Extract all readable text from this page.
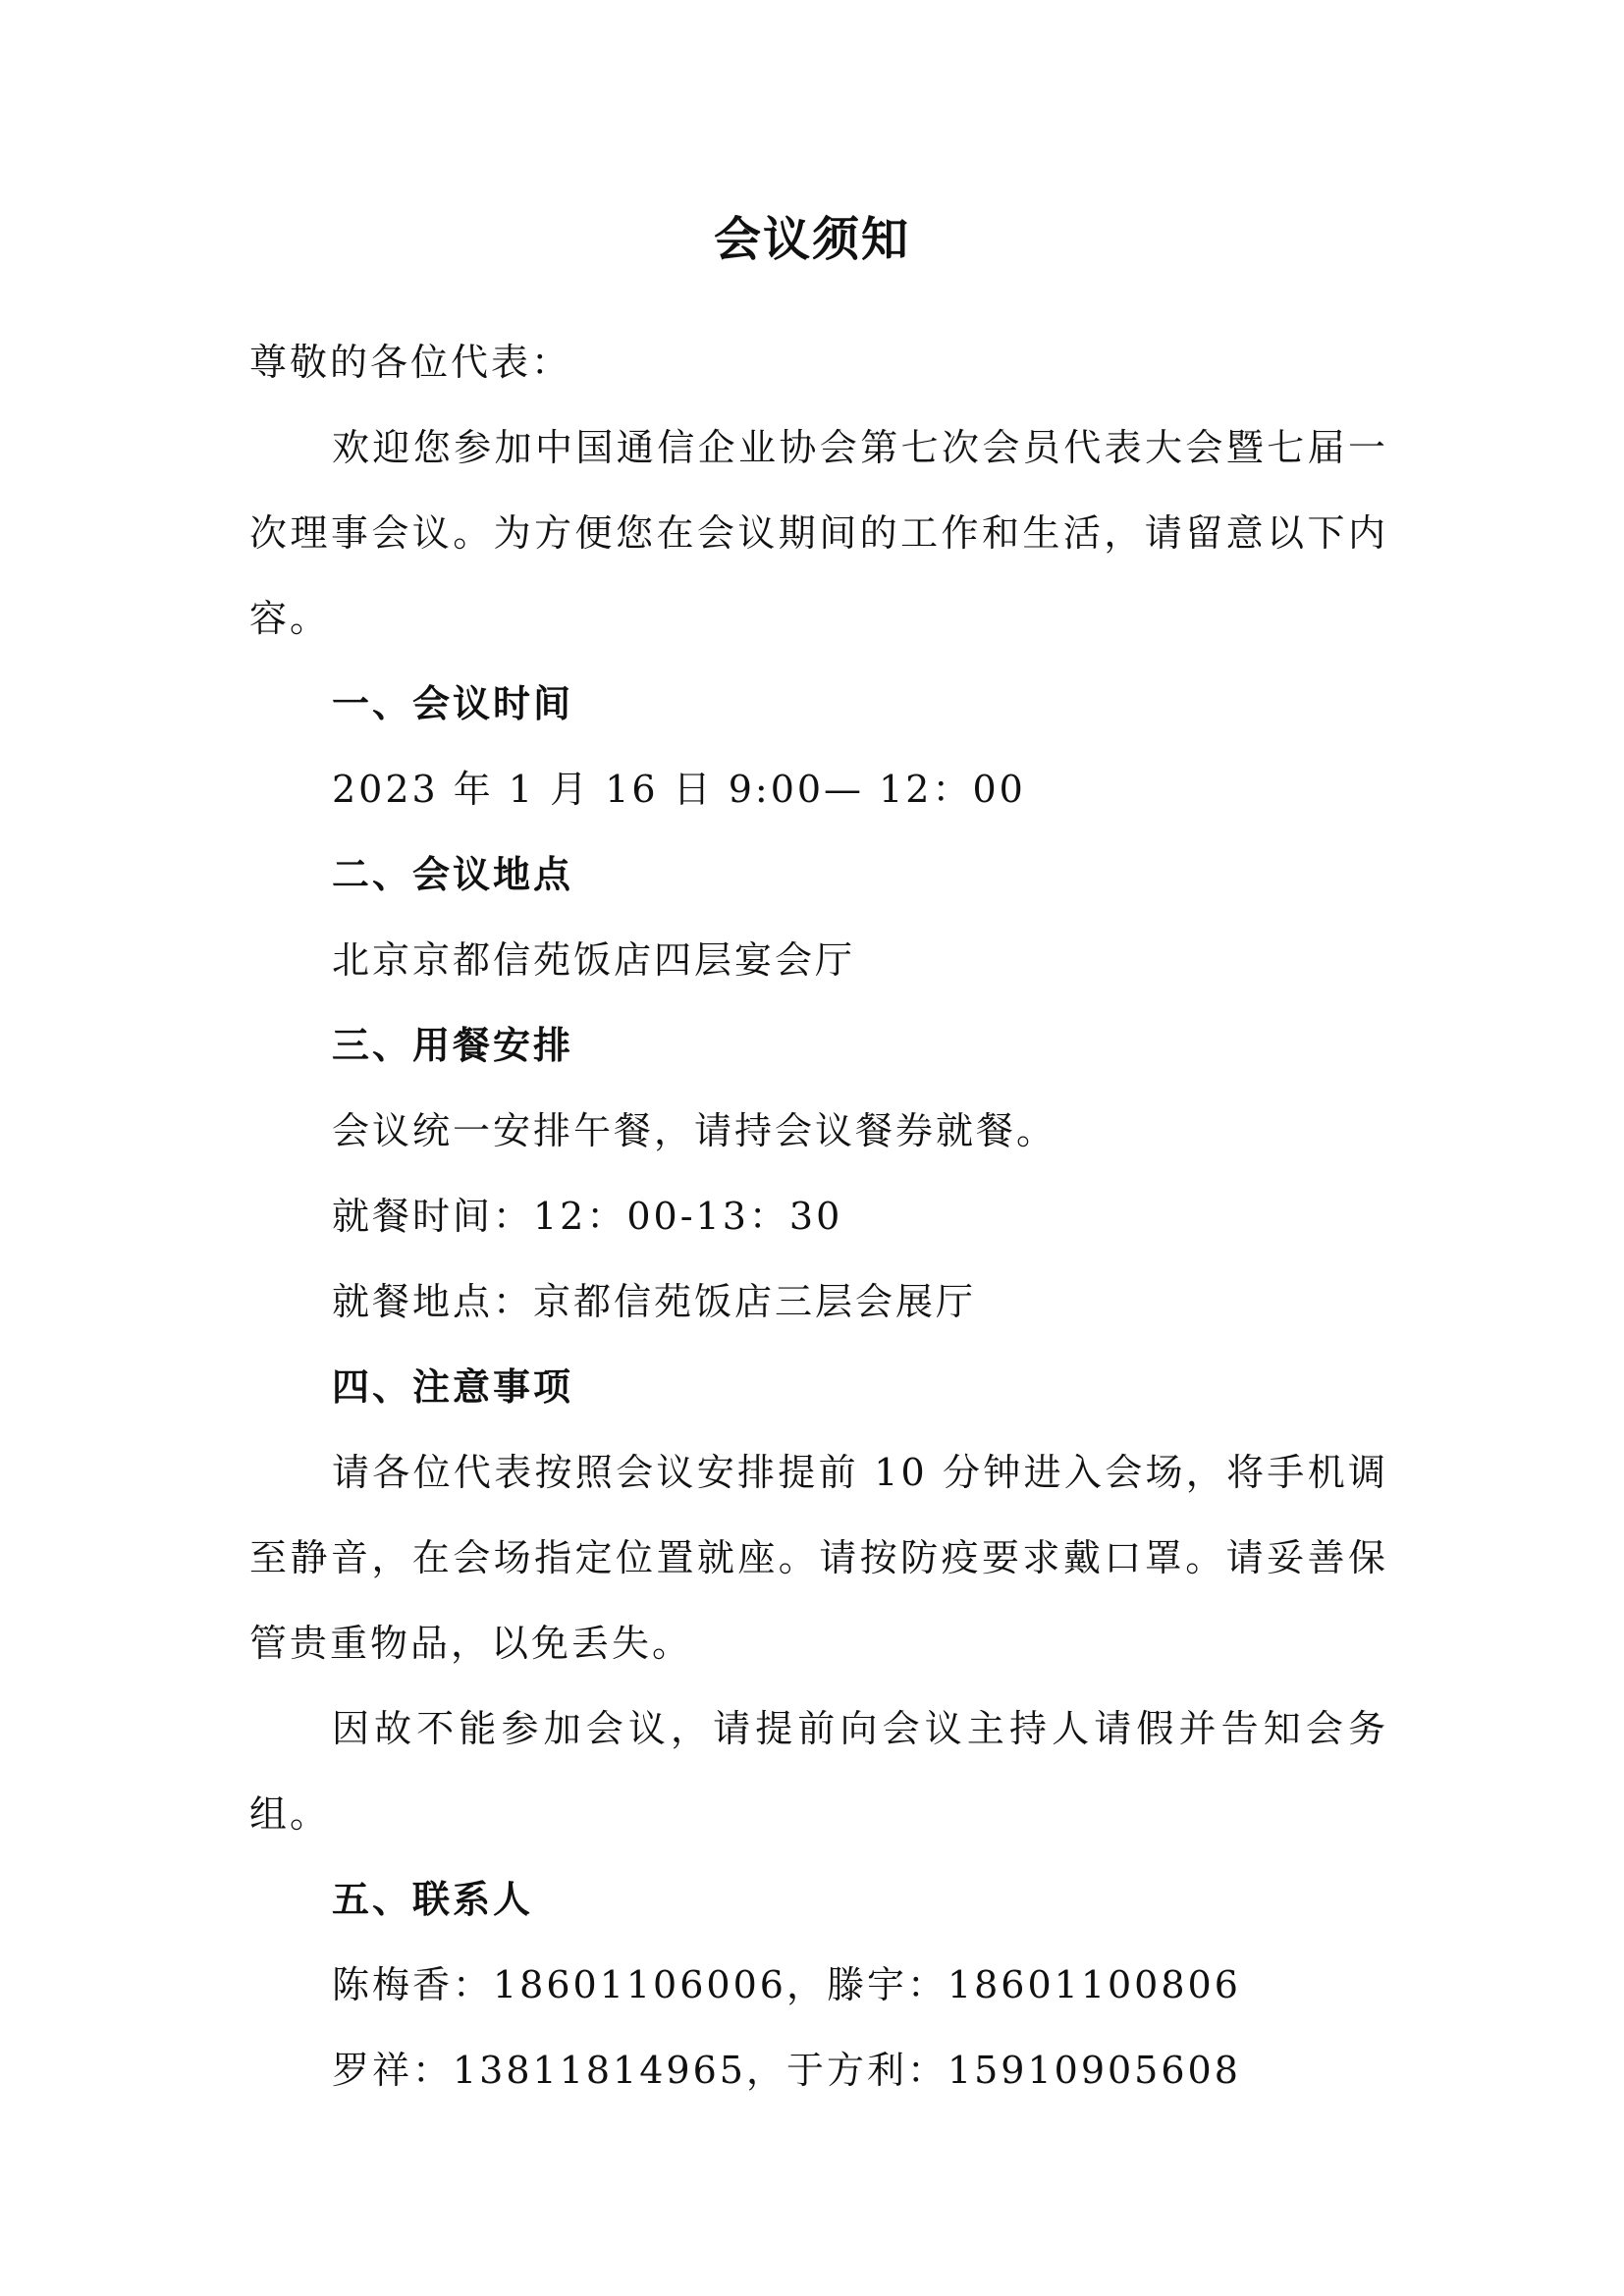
会议须知

尊敬的各位代表：

欢迎您参加中国通信企业协会第七次会员代表大会暨七届一次理事会议。为方便您在会议期间的工作和生活，请留意以下内容。

一、会议时间

2023 年 1 月 16 日 9:00— 12：00

二、会议地点

北京京都信苑饭店四层宴会厅

三、用餐安排

会议统一安排午餐，请持会议餐券就餐。

就餐时间：12：00-13：30

就餐地点：京都信苑饭店三层会展厅

四、注意事项

请各位代表按照会议安排提前 10 分钟进入会场，将手机调至静音，在会场指定位置就座。请按防疫要求戴口罩。请妥善保管贵重物品，以免丢失。

因故不能参加会议，请提前向会议主持人请假并告知会务组。

五、联系人

陈梅香：18601106006，滕宇：18601100806

罗祥：13811814965，于方利：15910905608
